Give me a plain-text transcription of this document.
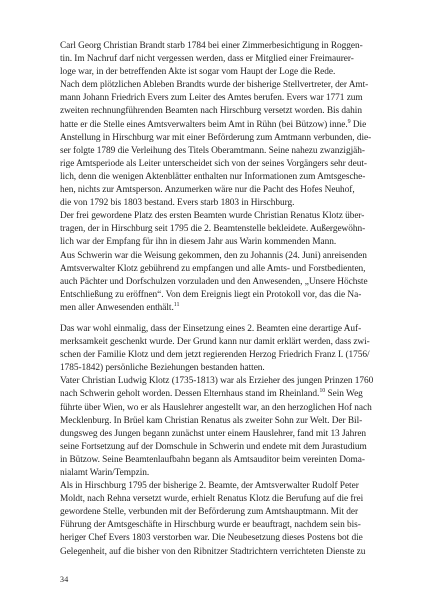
Carl Georg Christian Brandt starb 1784 bei einer Zimmerbesichtigung in Roggen-
tin. Im Nachruf darf nicht vergessen werden, dass er Mitglied einer Freimaurer-
loge war, in der betreffenden Akte ist sogar vom Haupt der Loge die Rede.
Nach dem plötzlichen Ableben Brandts wurde der bisherige Stellvertreter, der Amt-
mann Johann Friedrich Evers zum Leiter des Amtes berufen. Evers war 1771 zum
zweiten rechnungführenden Beamten nach Hirschburg versetzt worden. Bis dahin
hatte er die Stelle eines Amtsverwalters beim Amt in Rühn (bei Bützow) inne.$^9$ Die
Anstellung in Hirschburg war mit einer Beförderung zum Amtmann verbunden, die-
ser folgte 1789 die Verleihung des Titels Oberamtmann. Seine nahezu zwanzigjäh-
rige Amtsperiode als Leiter unterscheidet sich von der seines Vorgängers sehr deut-
lich, denn die wenigen Aktenblätter enthalten nur Informationen zum Amtsgesche-
hen, nichts zur Amtsperson. Anzumerken wäre nur die Pacht des Hofes Neuhof,
die von 1792 bis 1803 bestand. Evers starb 1803 in Hirschburg.
Der frei gewordene Platz des ersten Beamten wurde Christian Renatus Klotz über-
tragen, der in Hirschburg seit 1795 die 2. Beamtenstelle bekleidete. Außergewöhn-
lich war der Empfang für ihn in diesem Jahr aus Warin kommenden Mann.
Aus Schwerin war die Weisung gekommen, den zu Johannis (24. Juni) anreisenden
Amtsverwalter Klotz gebührend zu empfangen und alle Amts- und Forstbedienten,
auch Pächter und Dorfschulzen vorzuladen und den Anwesenden, „Unsere Höchste
Entschließung zu eröffnen“. Von dem Ereignis liegt ein Protokoll vor, das die Na-
men aller Anwesenden enthält.$^{11}$
Das war wohl einmalig, dass der Einsetzung eines 2. Beamten eine derartige Auf-
merksamkeit geschenkt wurde. Der Grund kann nur damit erklärt werden, dass zwi-
schen der Familie Klotz und dem jetzt regierenden Herzog Friedrich Franz I. (1756/
1785-1842) persönliche Beziehungen bestanden hatten.
Vater Christian Ludwig Klotz (1735-1813) war als Erzieher des jungen Prinzen 1760
nach Schwerin geholt worden. Dessen Elternhaus stand im Rheinland.$^{10}$ Sein Weg
führte über Wien, wo er als Hauslehrer angestellt war, an den herzoglichen Hof nach
Mecklenburg. In Brüel kam Christian Renatus als zweiter Sohn zur Welt. Der Bil-
dungsweg des Jungen begann zunächst unter einem Hauslehrer, fand mit 13 Jahren
seine Fortsetzung auf der Domschule in Schwerin und endete mit dem Jurastudium
in Bützow. Seine Beamtenlaufbahn begann als Amtsauditor beim vereinten Doma-
nialamt Warin/Tempzin.
Als in Hirschburg 1795 der bisherige 2. Beamte, der Amtsverwalter Rudolf Peter
Moldt, nach Rehna versetzt wurde, erhielt Renatus Klotz die Berufung auf die frei
gewordene Stelle, verbunden mit der Beförderung zum Amtshauptmann. Mit der
Führung der Amtsgeschäfte in Hirschburg wurde er beauftragt, nachdem sein bis-
heriger Chef Evers 1803 verstorben war. Die Neubesetzung dieses Postens bot die
Gelegenheit, auf die bisher von den Ribnitzer Stadtrichtern verrichteten Dienste zu
34
